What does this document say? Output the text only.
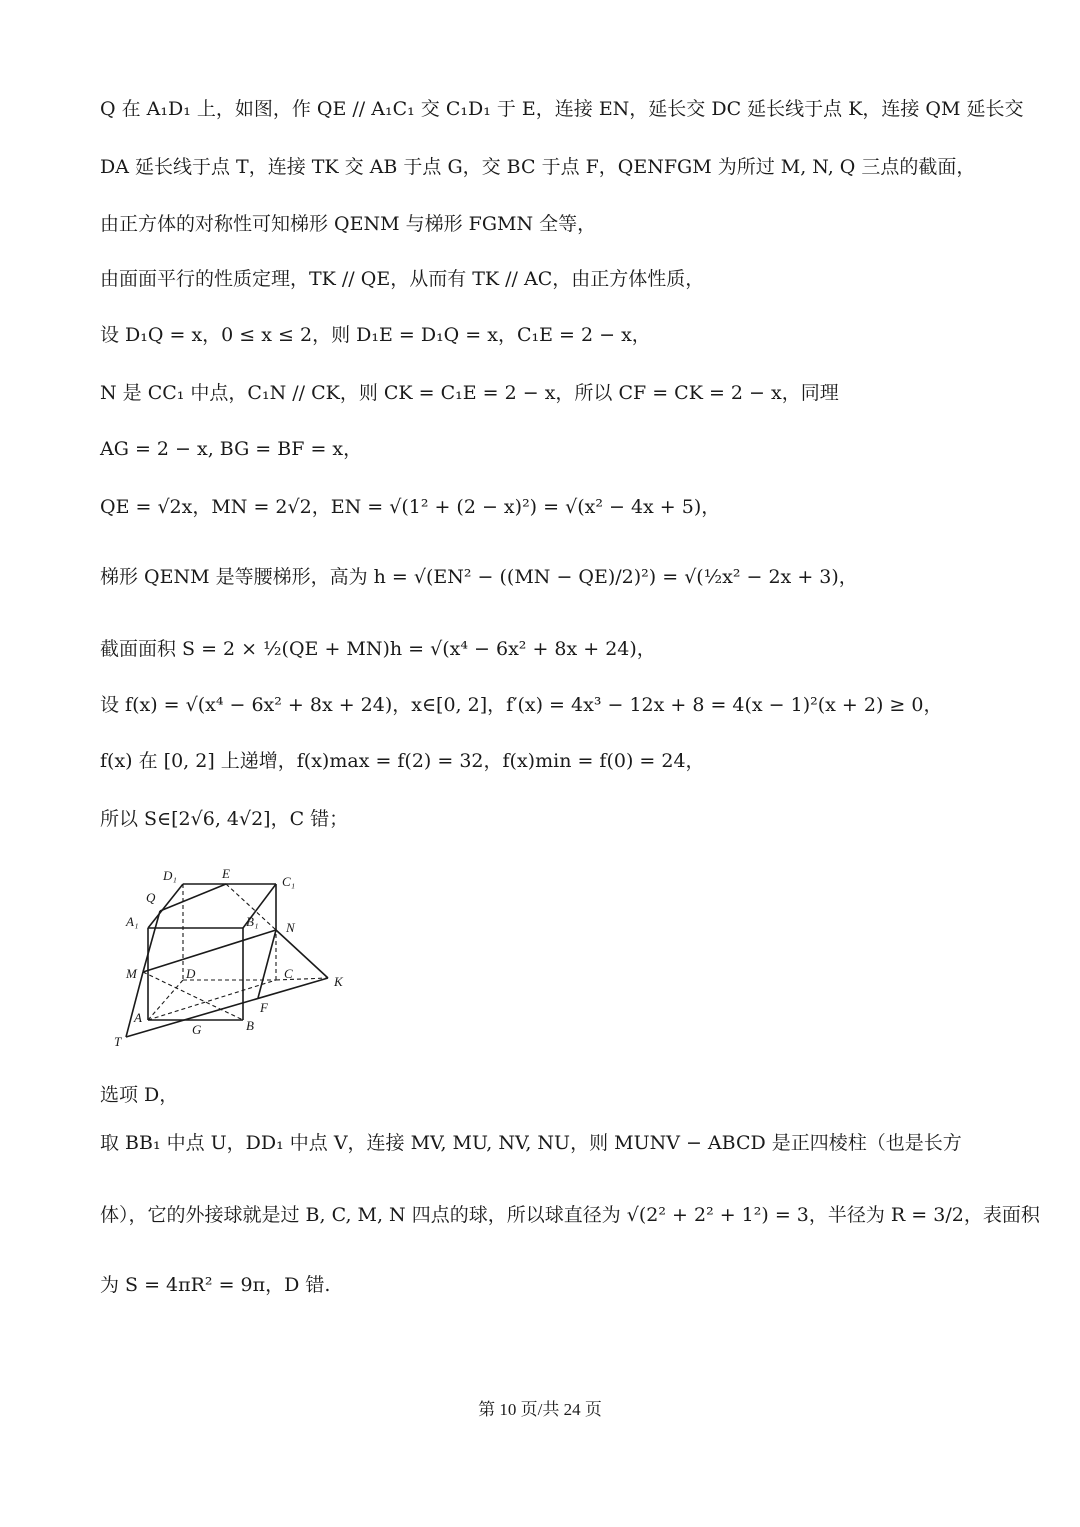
Q 在 A₁D₁ 上，如图，作 QE // A₁C₁ 交 C₁D₁ 于 E，连接 EN，延长交 DC 延长线于点 K，连接 QM 延长交
DA 延长线于点 T，连接 TK 交 AB 于点 G，交 BC 于点 F，QENFGM 为所过 M, N, Q 三点的截面，
由正方体的对称性可知梯形 QENM 与梯形 FGMN 全等，
由面面平行的性质定理，TK // QE，从而有 TK // AC，由正方体性质，
设 D₁Q = x，0 ≤ x ≤ 2，则 D₁E = D₁Q = x，C₁E = 2 − x，
N 是 CC₁ 中点，C₁N // CK，则 CK = C₁E = 2 − x，所以 CF = CK = 2 − x，同理
AG = 2 − x, BG = BF = x，
QE = √2x，MN = 2√2，EN = √(1² + (2 − x)²) = √(x² − 4x + 5)，
梯形 QENM 是等腰梯形，高为 h = √(EN² − ((MN − QE)/2)²) = √(½x² − 2x + 3)，
截面面积 S = 2 × ½(QE + MN)h = √(x⁴ − 6x² + 8x + 24)，
设 f(x) = √(x⁴ − 6x² + 8x + 24)，x∈[0, 2]，f′(x) = 4x³ − 12x + 8 = 4(x − 1)²(x + 2) ≥ 0，
f(x) 在 [0, 2] 上递增，f(x)max = f(2) = 32，f(x)min = f(0) = 24，
所以 S∈[2√6, 4√2]，C 错；
D₁	E
C₁
Q
A₁	B₁ N
M	D	C
K
A
F
B
G
T
选项 D，
取 BB₁ 中点 U，DD₁ 中点 V，连接 MV, MU, NV, NU，则 MUNV − ABCD 是正四棱柱（也是长方
体），它的外接球就是过 B, C, M, N 四点的球，所以球直径为 √(2² + 2² + 1²) = 3，半径为 R = 3/2，表面积
为 S = 4πR² = 9π，D 错.
第 10 页/共 24 页
